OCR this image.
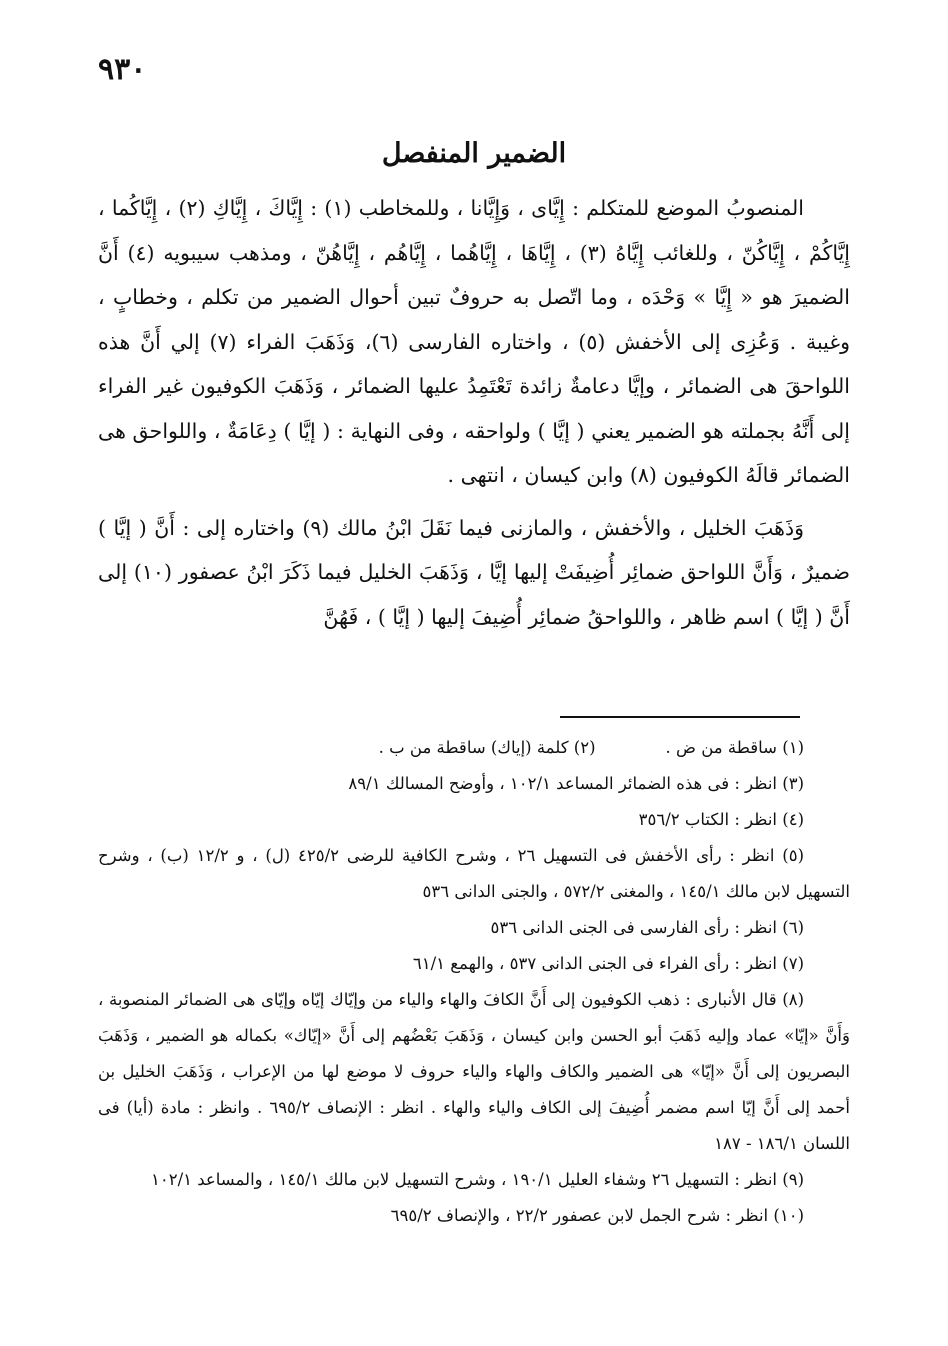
٩٣٠
الضمير المنفصل

المنصوبُ الموضع للمتكلم : إِيَّاى ، وَإِيَّانا ، وللمخاطب (١) : إِيَّاكَ ، إِيَّاكِ (٢) ، إِيَّاكُما ، إِيَّاكُمْ ، إِيَّاكُنّ ، وللغائب إِيَّاهُ (٣) ، إِيَّاهَا ، إِيَّاهُما ، إِيَّاهُم ، إِيَّاهُنّ ، ومذهب سيبويه (٤) أَنَّ الضميرَ هو « إِيَّا » وَحْدَه ، وما اتّصل به حروفٌ تبين أحوال الضمير من تكلم ، وخطابٍ ، وغيبة . وَعُزِى إلى الأخفش (٥) ، واختاره الفارسى (٦)، وَذَهَبَ الفراء (٧) إلي أَنَّ هذه اللواحقَ هى الضمائر ، وإيَّا دعامةٌ زائدة تَعْتَمِدُ عليها الضمائر ، وَذَهَبَ الكوفيون غير الفراء إلى أَنَّهُ بجملته هو الضمير يعني ( إيَّا ) ولواحقه ، وفى النهاية : ( إيَّا ) دِعَامَةٌ ، واللواحق هى الضمائر قالَهُ الكوفيون (٨) وابن كيسان ، انتهى .

وَذَهَبَ الخليل ، والأخفش ، والمازنى فيما نَقَلَ ابْنُ مالك (٩) واختاره إلى : أَنَّ ( إيَّا ) ضميرٌ ، وَأَنَّ اللواحق ضمائِر أُضِيفَتْ إليها إيَّا ، وَذَهَبَ الخليل فيما ذَكَرَ ابْنُ عصفور (١٠) إلى أَنَّ ( إيَّا ) اسم ظاهر ، واللواحقُ ضمائِر أُضِيفَ إليها ( إيَّا ) ، فَهُنَّ

(١) ساقطة من ض .
(٢) كلمة (إياك) ساقطة من ب .

(٣) انظر : فى هذه الضمائر المساعد ١٠٢/١ ، وأوضح المسالك ٨٩/١

(٤) انظر : الكتاب ٣٥٦/٢

(٥) انظر : رأى الأخفش فى التسهيل ٢٦ ، وشرح الكافية للرضى ٤٢٥/٢ (ل) ، و ١٢/٢ (ب) ، وشرح التسهيل لابن مالك ١٤٥/١ ، والمغنى ٥٧٢/٢ ، والجنى الدانى ٥٣٦

(٦) انظر : رأى الفارسى فى الجنى الدانى ٥٣٦

(٧) انظر : رأى الفراء فى الجنى الدانى ٥٣٧ ، والهمع ٦١/١

(٨) قال الأنبارى : ذهب الكوفيون إلى أَنَّ الكافَ والهاء والياء من وإيّاك إيّاه وإيّاى هى الضمائر المنصوبة ، وَأَنَّ «إيّا» عماد وإليه ذَهَبَ أبو الحسن وابن كيسان ، وَذَهَبَ بَعْضُهم إلى أَنَّ «إيّاك» بكماله هو الضمير ، وَذَهَبَ البصريون إلى أَنَّ «إيّا» هى الضمير والكاف والهاء والياء حروف لا موضع لها من الإعراب ، وَذَهَبَ الخليل بن أحمد إلى أَنَّ إيّا اسم مضمر أُضِيفَ إلى الكاف والياء والهاء . انظر : الإنصاف ٦٩٥/٢ . وانظر : مادة (أيا) فى اللسان ١٨٦/١ - ١٨٧

(٩) انظر : التسهيل ٢٦ وشفاء العليل ١٩٠/١ ، وشرح التسهيل لابن مالك ١٤٥/١ ، والمساعد ١٠٢/١

(١٠) انظر : شرح الجمل لابن عصفور ٢٢/٢ ، والإنصاف ٦٩٥/٢
